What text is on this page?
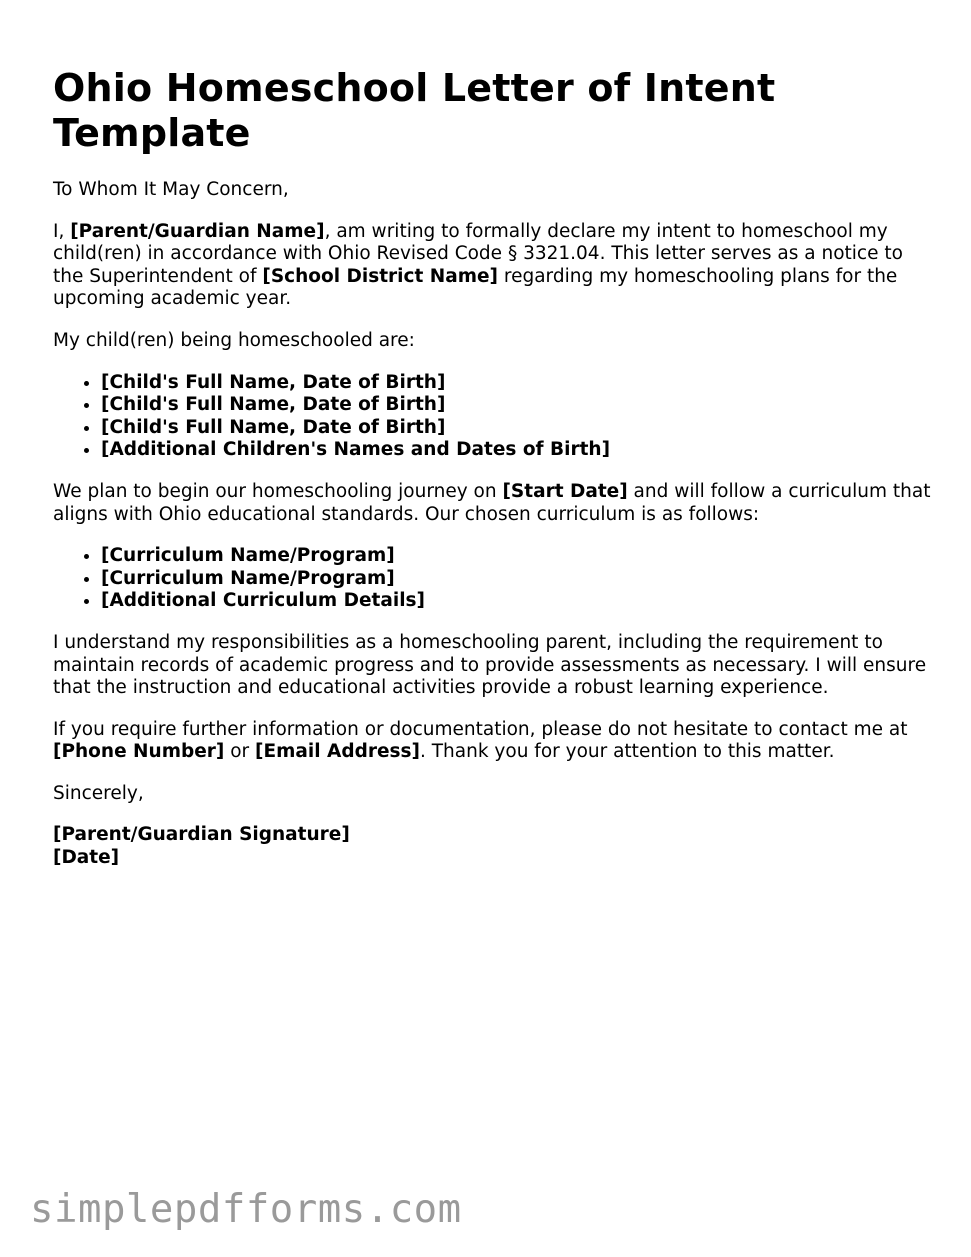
Ohio Homeschool Letter of Intent Template

To Whom It May Concern,

I, [Parent/Guardian Name], am writing to formally declare my intent to homeschool my child(ren) in accordance with Ohio Revised Code § 3321.04. This letter serves as a notice to the Superintendent of [School District Name] regarding my homeschooling plans for the upcoming academic year.

My child(ren) being homeschooled are:

• [Child's Full Name, Date of Birth]
• [Child's Full Name, Date of Birth]
• [Child's Full Name, Date of Birth]
• [Additional Children's Names and Dates of Birth]

We plan to begin our homeschooling journey on [Start Date] and will follow a curriculum that aligns with Ohio educational standards. Our chosen curriculum is as follows:

• [Curriculum Name/Program]
• [Curriculum Name/Program]
• [Additional Curriculum Details]

I understand my responsibilities as a homeschooling parent, including the requirement to maintain records of academic progress and to provide assessments as necessary. I will ensure that the instruction and educational activities provide a robust learning experience.

If you require further information or documentation, please do not hesitate to contact me at [Phone Number] or [Email Address]. Thank you for your attention to this matter.

Sincerely,

[Parent/Guardian Signature]
[Date]

simplepdfforms.com
